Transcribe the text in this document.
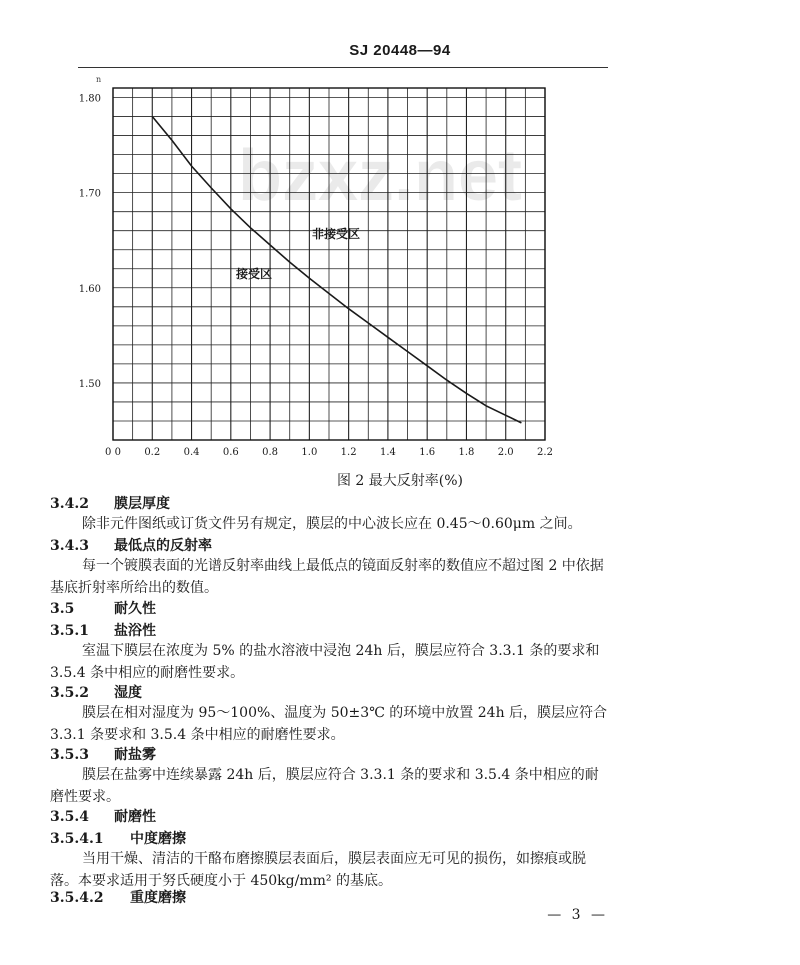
SJ 20448—94
0 0 0.2 0.4 0.6 0.8 1.0 1.2 1.4 1.6 1.8 2.0 2.2
1.80
1.70
1.60
1.50
bzxz.net
非接受区
接受区
n
图 2 最大反射率(%)
3.4.2 膜层厚度
除非元件图纸或订货文件另有规定，膜层的中心波长应在 0.45～0.60μm 之间。
3.4.3 最低点的反射率
每一个镀膜表面的光谱反射率曲线上最低点的镜面反射率的数值应不超过图 2 中依据基底折射率所给出的数值。
3.5	耐久性
3.5.1 盐浴性
室温下膜层在浓度为 5% 的盐水溶液中浸泡 24h 后，膜层应符合 3.3.1 条的要求和 3.5.4 条中相应的耐磨性要求。
3.5.2 湿度
膜层在相对湿度为 95～100%、温度为 50±3℃ 的环境中放置 24h 后，膜层应符合 3.3.1 条要求和 3.5.4 条中相应的耐磨性要求。
3.5.3 耐盐雾
膜层在盐雾中连续暴露 24h 后，膜层应符合 3.3.1 条的要求和 3.5.4 条中相应的耐磨性要求。
3.5.4 耐磨性
3.5.4.1 中度磨擦
当用干燥、清洁的干酪布磨擦膜层表面后，膜层表面应无可见的损伤，如擦痕或脱落。本要求适用于努氏硬度小于 450kg/mm² 的基底。
3.5.4.2 重度磨擦
— 3 —
